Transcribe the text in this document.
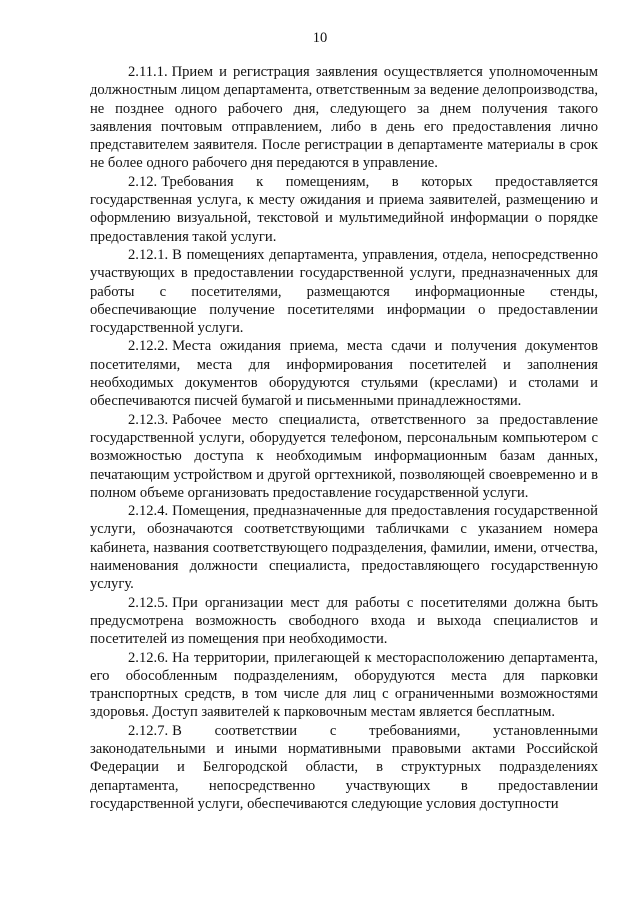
10

2.11.1. Прием и регистрация заявления осуществляется уполномоченным должностным лицом департамента, ответственным за ведение делопроизводства, не позднее одного рабочего дня, следующего за днем получения такого заявления почтовым отправлением, либо в день его предоставления лично представителем заявителя. После регистрации в департаменте материалы в срок не более одного рабочего дня передаются в управление.

2.12. Требования к помещениям, в которых предоставляется государственная услуга, к месту ожидания и приема заявителей, размещению и оформлению визуальной, текстовой и мультимедийной информации о порядке предоставления такой услуги.

2.12.1. В помещениях департамента, управления, отдела, непосредственно участвующих в предоставлении государственной услуги, предназначенных для работы с посетителями, размещаются информационные стенды, обеспечивающие получение посетителями информации о предоставлении государственной услуги.

2.12.2. Места ожидания приема, места сдачи и получения документов посетителями, места для информирования посетителей и заполнения необходимых документов оборудуются стульями (креслами) и столами и обеспечиваются писчей бумагой и письменными принадлежностями.

2.12.3. Рабочее место специалиста, ответственного за предоставление государственной услуги, оборудуется телефоном, персональным компьютером с возможностью доступа к необходимым информационным базам данных, печатающим устройством и другой оргтехникой, позволяющей своевременно и в полном объеме организовать предоставление государственной услуги.

2.12.4. Помещения, предназначенные для предоставления государственной услуги, обозначаются соответствующими табличками с указанием номера кабинета, названия соответствующего подразделения, фамилии, имени, отчества, наименования должности специалиста, предоставляющего государственную услугу.

2.12.5. При организации мест для работы с посетителями должна быть предусмотрена возможность свободного входа и выхода специалистов и посетителей из помещения при необходимости.

2.12.6. На территории, прилегающей к месторасположению департамента, его обособленным подразделениям, оборудуются места для парковки транспортных средств, в том числе для лиц с ограниченными возможностями здоровья. Доступ заявителей к парковочным местам является бесплатным.

2.12.7. В соответствии с требованиями, установленными законодательными и иными нормативными правовыми актами Российской Федерации и Белгородской области, в структурных подразделениях департамента, непосредственно участвующих в предоставлении государственной услуги, обеспечиваются следующие условия доступности
